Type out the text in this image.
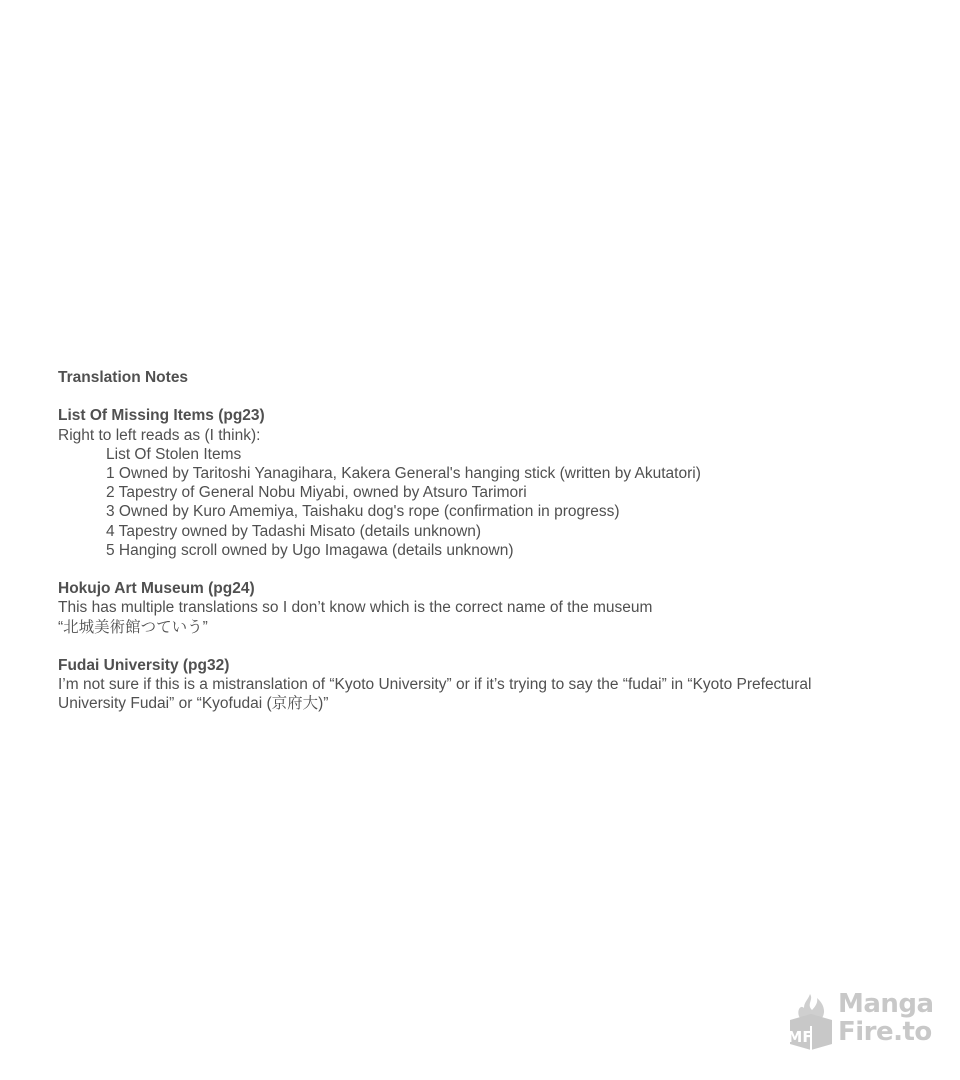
Translation Notes
List Of Missing Items (pg23)
Right to left reads as (I think):
List Of Stolen Items
1 Owned by Taritoshi Yanagihara, Kakera General's hanging stick (written by Akutatori)
2 Tapestry of General Nobu Miyabi, owned by Atsuro Tarimori
3 Owned by Kuro Amemiya, Taishaku dog's rope (confirmation in progress)
4 Tapestry owned by Tadashi Misato (details unknown)
5 Hanging scroll owned by Ugo Imagawa (details unknown)
Hokujo Art Museum (pg24)
This has multiple translations so I don’t know which is the correct name of the museum
“北城美術館つていう”
Fudai University (pg32)
I’m not sure if this is a mistranslation of “Kyoto University” or if it’s trying to say the “fudai” in “Kyoto Prefectural
University Fudai” or “Kyofudai (京府大)”
MF
Manga
Fire.to
